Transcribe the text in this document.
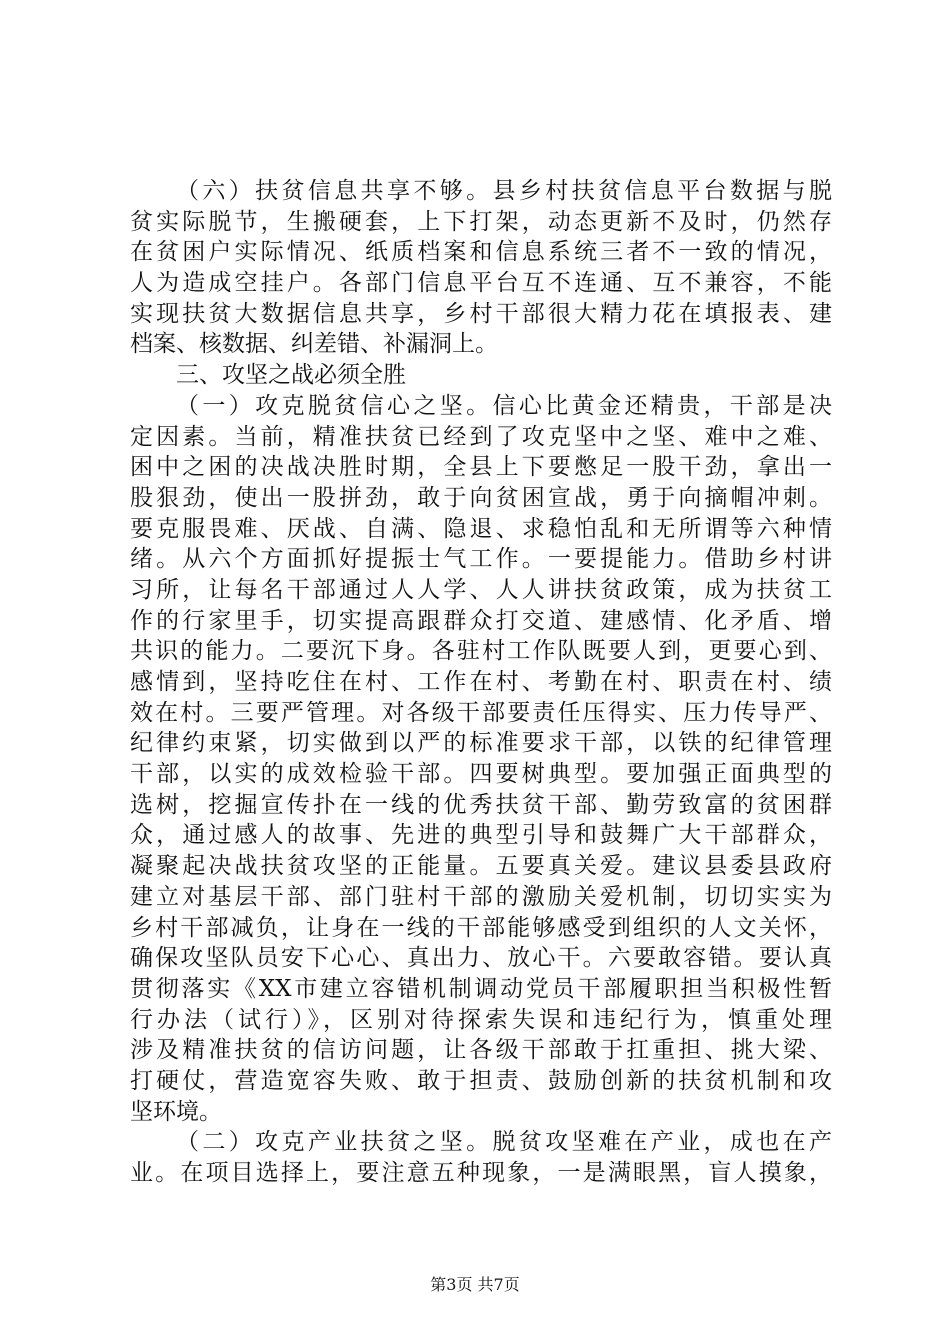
（六）扶贫信息共享不够。县乡村扶贫信息平台数据与脱
贫实际脱节，生搬硬套，上下打架，动态更新不及时，仍然存
在贫困户实际情况、纸质档案和信息系统三者不一致的情况，
人为造成空挂户。各部门信息平台互不连通、互不兼容，不能
实现扶贫大数据信息共享，乡村干部很大精力花在填报表、建
档案、核数据、纠差错、补漏洞上。
三、攻坚之战必须全胜
（一）攻克脱贫信心之坚。信心比黄金还精贵，干部是决
定因素。当前，精准扶贫已经到了攻克坚中之坚、难中之难、
困中之困的决战决胜时期，全县上下要憋足一股干劲，拿出一
股狠劲，使出一股拼劲，敢于向贫困宣战，勇于向摘帽冲刺。
要克服畏难、厌战、自满、隐退、求稳怕乱和无所谓等六种情
绪。从六个方面抓好提振士气工作。一要提能力。借助乡村讲
习所，让每名干部通过人人学、人人讲扶贫政策，成为扶贫工
作的行家里手，切实提高跟群众打交道、建感情、化矛盾、增
共识的能力。二要沉下身。各驻村工作队既要人到，更要心到、
感情到，坚持吃住在村、工作在村、考勤在村、职责在村、绩
效在村。三要严管理。对各级干部要责任压得实、压力传导严、
纪律约束紧，切实做到以严的标准要求干部，以铁的纪律管理
干部，以实的成效检验干部。四要树典型。要加强正面典型的
选树，挖掘宣传扑在一线的优秀扶贫干部、勤劳致富的贫困群
众，通过感人的故事、先进的典型引导和鼓舞广大干部群众，
凝聚起决战扶贫攻坚的正能量。五要真关爱。建议县委县政府
建立对基层干部、部门驻村干部的激励关爱机制，切切实实为
乡村干部减负，让身在一线的干部能够感受到组织的人文关怀，
确保攻坚队员安下心心、真出力、放心干。六要敢容错。要认真
贯彻落实《XX市建立容错机制调动党员干部履职担当积极性暂
行办法（试行）》，区别对待探索失误和违纪行为，慎重处理
涉及精准扶贫的信访问题，让各级干部敢于扛重担、挑大梁、
打硬仗，营造宽容失败、敢于担责、鼓励创新的扶贫机制和攻
坚环境。
（二）攻克产业扶贫之坚。脱贫攻坚难在产业，成也在产
业。在项目选择上，要注意五种现象，一是满眼黑，盲人摸象，
第3页 共7页
